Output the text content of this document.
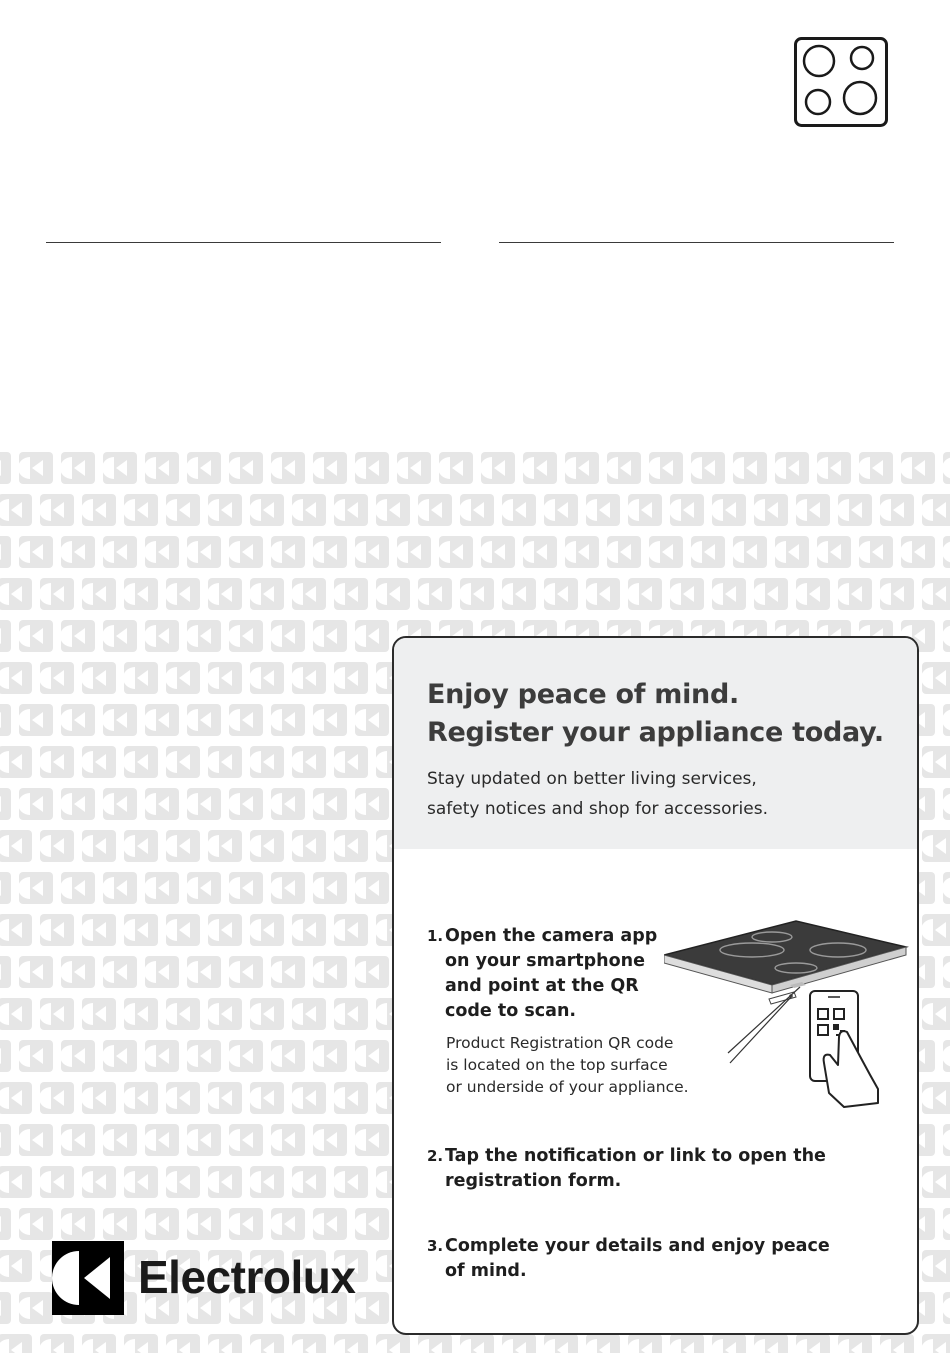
Enjoy peace of mind.
Register your appliance today.

Stay updated on better living services,
safety notices and shop for accessories.

1. Open the camera app
on your smartphone
and point at the QR
code to scan.

Product Registration QR code
is located on the top surface
or underside of your appliance.

2. Tap the notification or link to open the
registration form.
3. Complete your details and enjoy peace
of mind.
Electrolux
